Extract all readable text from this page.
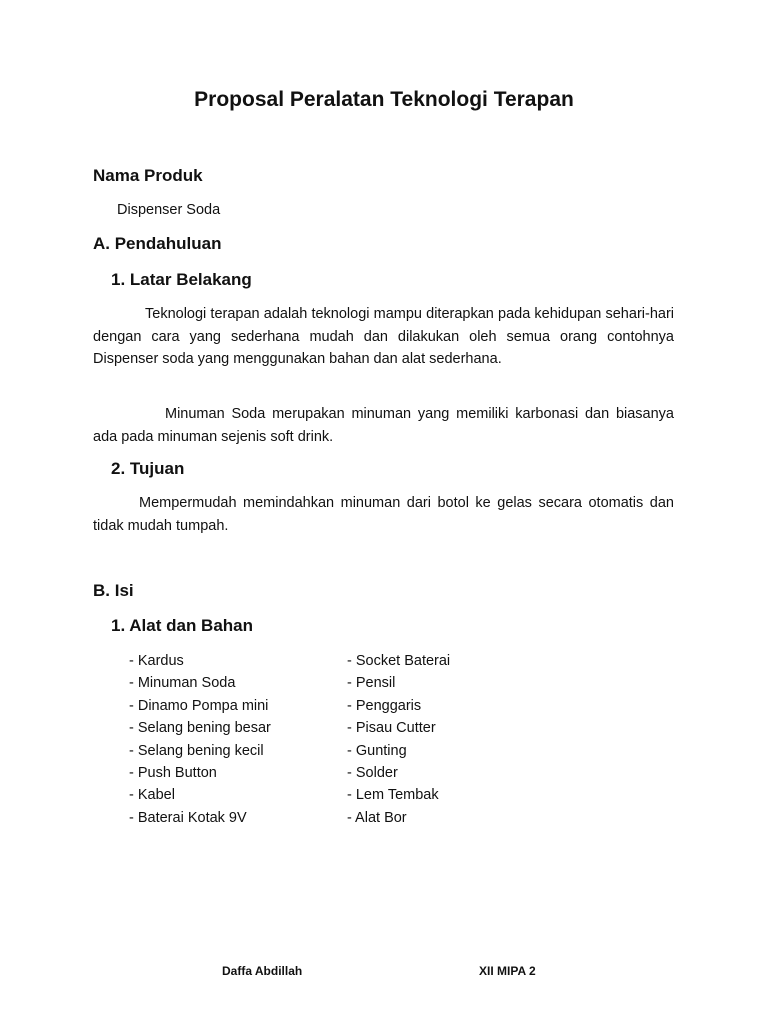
Proposal Peralatan Teknologi Terapan
Nama Produk
Dispenser Soda
A. Pendahuluan
1. Latar Belakang

Teknologi terapan adalah teknologi mampu diterapkan pada kehidupan sehari-hari dengan cara yang sederhana mudah dan dilakukan oleh semua orang contohnya Dispenser soda yang menggunakan bahan dan alat sederhana.

Minuman Soda merupakan minuman yang memiliki karbonasi dan biasanya ada pada minuman sejenis soft drink.

2. Tujuan

Mempermudah memindahkan minuman dari botol ke gelas secara otomatis dan tidak mudah tumpah.

B. Isi
1. Alat dan Bahan
- Kardus
- Minuman Soda
- Dinamo Pompa mini
- Selang bening besar
- Selang bening kecil
- Push Button
- Kabel
- Baterai Kotak 9V
- Socket Baterai
- Pensil
- Penggaris
- Pisau Cutter
- Gunting
- Solder
- Lem Tembak
- Alat Bor
Daffa Abdillah	XII MIPA 2
